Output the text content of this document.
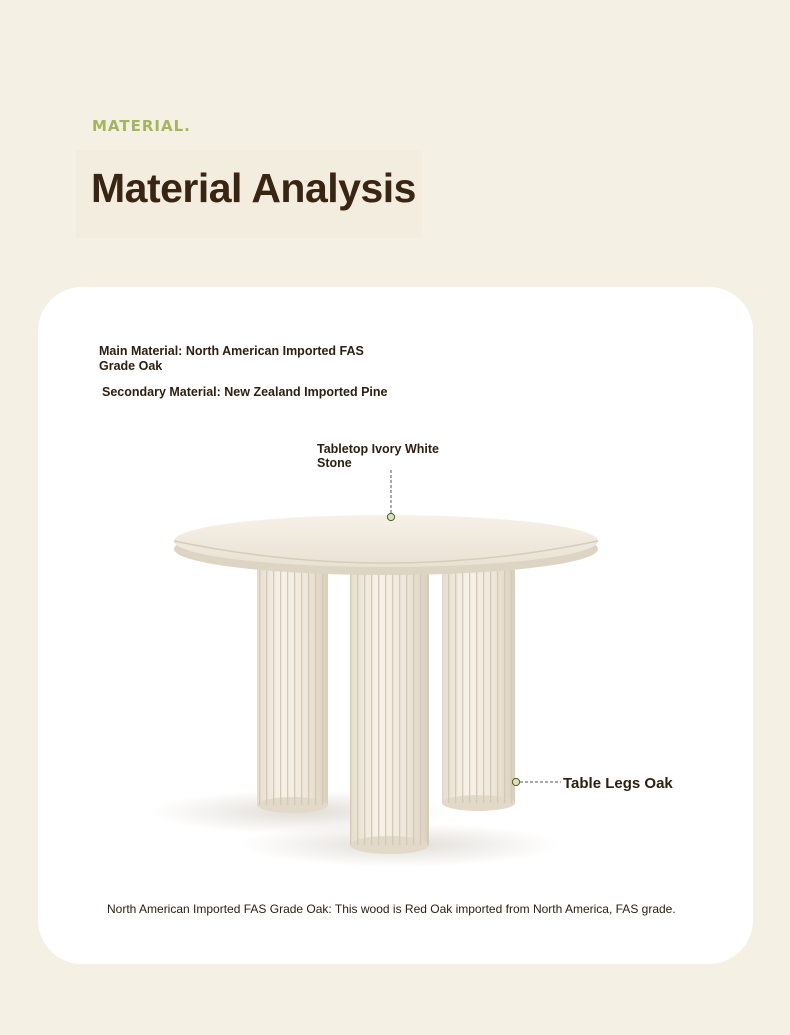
MATERIAL.
Material Analysis

Main Material: North American Imported FAS Grade Oak

Secondary Material: New Zealand Imported Pine

Tabletop Ivory White Stone

Table Legs Oak

North American Imported FAS Grade Oak: This wood is Red Oak imported from North America, FAS grade.
